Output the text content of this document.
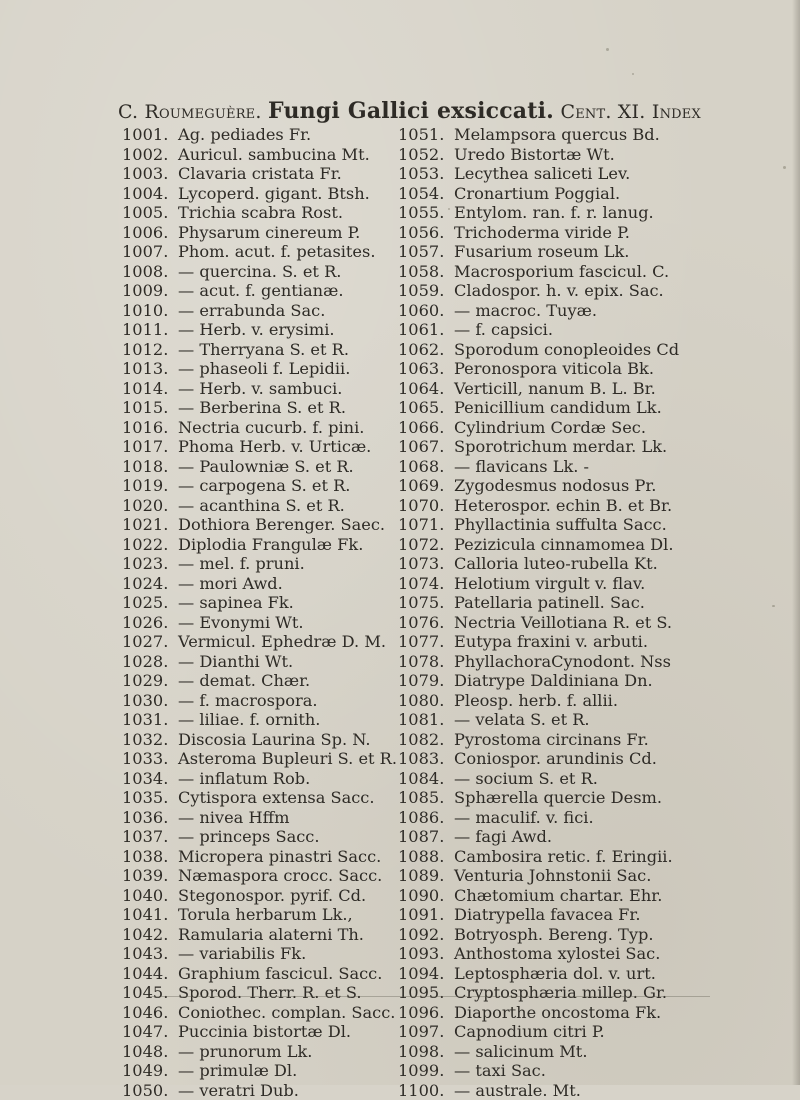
C. Roumeguère. Fungi Gallici exsiccati. Cent. XI. Index
1001. Ag. pediades Fr.
1002. Auricul. sambucina Mt.
1003. Clavaria cristata Fr.
1004. Lycoperd. gigant. Btsh.
1005. Trichia scabra Rost.
1006. Physarum cinereum P.
1007. Phom. acut. f. petasites.
1008. — quercina. S. et R.
1009. — acut. f. gentianæ.
1010. — errabunda Sac.
1011. — Herb. v. erysimi.
1012. — Therryana S. et R.
1013. — phaseoli f. Lepidii.
1014. — Herb. v. sambuci.
1015. — Berberina S. et R.
1016. Nectria cucurb. f. pini.
1017. Phoma Herb. v. Urticæ.
1018. — Paulowniæ S. et R.
1019. — carpogena S. et R.
1020. — acanthina S. et R.
1021. Dothiora Berenger. Saec.
1022. Diplodia Frangulæ Fk.
1023. — mel. f. pruni.
1024. — mori Awd.
1025. — sapinea Fk.
1026. — Evonymi Wt.
1027. Vermicul. Ephedræ D. M.
1028. — Dianthi Wt.
1029. — demat. Chær.
1030. — f. macrospora.
1031. — liliae. f. ornith.
1032. Discosia Laurina Sp. N.
1033. Asteroma Bupleuri S. et R.
1034. — inflatum Rob.
1035. Cytispora extensa Sacc.
1036. — nivea Hffm
1037. — princeps Sacc.
1038. Micropera pinastri Sacc.
1039. Næmaspora crocc. Sacc.
1040. Stegonospor. pyrif. Cd.
1041. Torula herbarum Lk.,
1042. Ramularia alaterni Th.
1043. — variabilis Fk.
1044. Graphium fascicul. Sacc.
1045. Sporod. Therr. R. et S.
1046. Coniothec. complan. Sacc.
1047. Puccinia bistortæ Dl.
1048. — prunorum Lk.
1049. — primulæ Dl.
1050. — veratri Dub.
1051. Melampsora quercus Bd.
1052. Uredo Bistortæ Wt.
1053. Lecythea saliceti Lev.
1054. Cronartium Poggial.
1055. Entylom. ran. f. r. lanug.
1056. Trichoderma viride P.
1057. Fusarium roseum Lk.
1058. Macrosporium fascicul. C.
1059. Cladospor. h. v. epix. Sac.
1060. — macroc. Tuyæ.
1061. — f. capsici.
1062. Sporodum conopleoides Cd
1063. Peronospora viticola Bk.
1064. Verticill, nanum B. L. Br.
1065. Penicillium candidum Lk.
1066. Cylindrium Cordæ Sec.
1067. Sporotrichum merdar. Lk.
1068. — flavicans Lk. -
1069. Zygodesmus nodosus Pr.
1070. Heterospor. echin B. et Br.
1071. Phyllactinia suffulta Sacc.
1072. Pezizicula cinnamomea Dl.
1073. Calloria luteo-rubella Kt.
1074. Helotium virgult v. flav.
1075. Patellaria patinell. Sac.
1076. Nectria Veillotiana R. et S.
1077. Eutypa fraxini v. arbuti.
1078. PhyllachoraCynodont. Nss
1079. Diatrype Daldiniana Dn.
1080. Pleosp. herb. f. allii.
1081. — velata S. et R.
1082. Pyrostoma circinans Fr.
1083. Coniospor. arundinis Cd.
1084. — socium S. et R.
1085. Sphærella quercie Desm.
1086. — maculif. v. fici.
1087. — fagi Awd.
1088. Cambosira retic. f. Eringii.
1089. Venturia Johnstonii Sac.
1090. Chætomium chartar. Ehr.
1091. Diatrypella favacea Fr.
1092. Botryosph. Bereng. Typ.
1093. Anthostoma xylostei Sac.
1094. Leptosphæria dol. v. urt.
1095. Cryptosphæria millep. Gr.
1096. Diaporthe oncostoma Fk.
1097. Capnodium citri P.
1098. — salicinum Mt.
1099. — taxi Sac.
1100. — australe. Mt.
